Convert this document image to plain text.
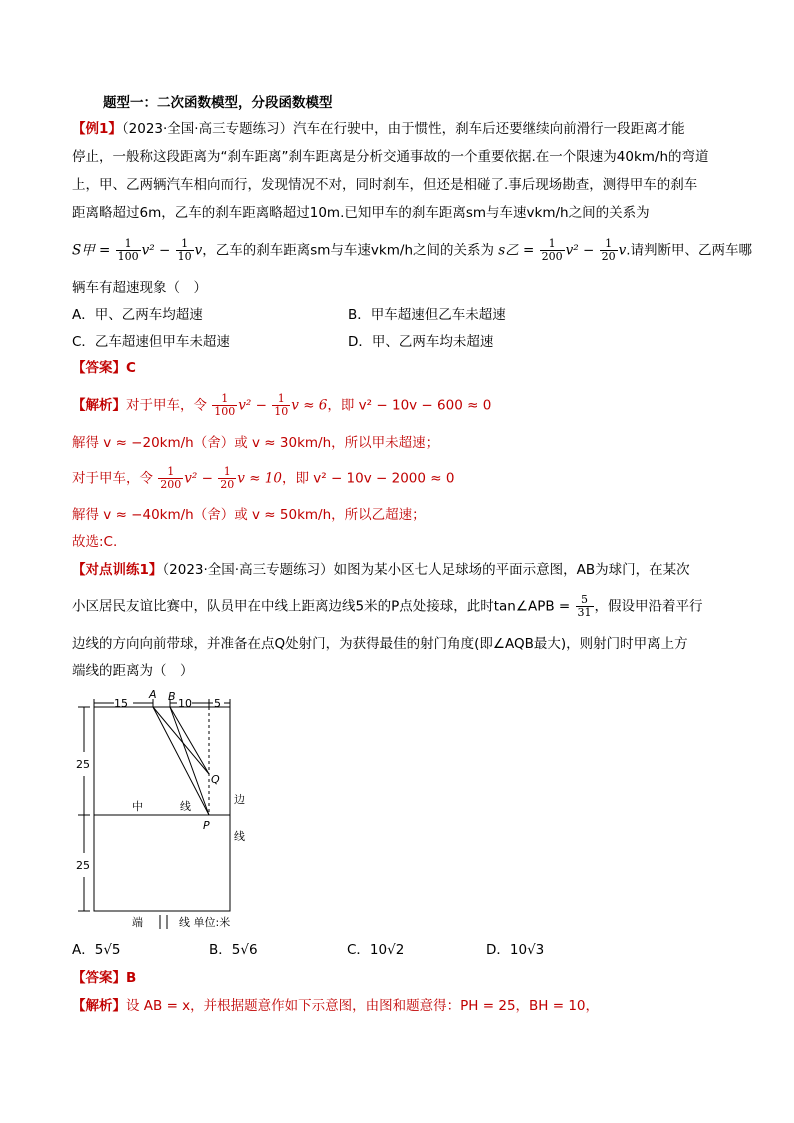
题型一：二次函数模型，分段函数模型
【例1】（2023·全国·高三专题练习）汽车在行驶中，由于惯性，刹车后还要继续向前滑行一段距离才能
停止，一般称这段距离为“刹车距离”刹车距离是分析交通事故的一个重要依据.在一个限速为40km/h的弯道
上，甲、乙两辆汽车相向而行，发现情况不对，同时刹车，但还是相碰了.事后现场勘查，测得甲车的刹车
距离略超过6m，乙车的刹车距离略超过10m.已知甲车的刹车距离sm与车速vkm/h之间的关系为
S甲 = $\frac{1}{100} v^2 - \frac{1}{10}$ v，乙车的刹车距离sm与车速vkm/h之间的关系为 s乙 = $\frac{1}{200} v^2 - \frac{1}{20} v$.请判断甲、乙两车哪
辆车有超速现象（　）
A．甲、乙两车均超速	B．甲车超速但乙车未超速
C．乙车超速但甲车未超速	D．甲、乙两车均未超速
【答案】C
【解析】对于甲车，令 $\frac{1}{100} v^2 - \frac{1}{10}$ v ≈ 6，即 v² − 10v − 600 ≈ 0
解得 v ≈ −20km/h（舍）或 v ≈ 30km/h，所以甲未超速；
对于甲车，令 $\frac{1}{200} v^2 - \frac{1}{20}$ v ≈ 10，即 v² − 10v − 2000 ≈ 0
解得 v ≈ −40km/h（舍）或 v ≈ 50km/h，所以乙超速；
故选:C.
【对点训练1】（2023·全国·高三专题练习）如图为某小区七人足球场的平面示意图，AB为球门，在某次
小区居民友谊比赛中，队员甲在中线上距离边线5米的P点处接球，此时tan∠APB = $\frac{5}{31}$ ，假设甲沿着平行
边线的方向向前带球，并准备在点Q处射门，为获得最佳的射门角度(即∠AQB最大)，则射门时甲离上方
端线的距离为（　）
15	10 5
25
25
A B
Q
P
中	线
边
线
端	线 单位:米
A．5√5	B．5√6	C．10√2	D．10√3
【答案】B
【解析】设 AB = x，并根据题意作如下示意图，由图和题意得：PH = 25，BH = 10，
